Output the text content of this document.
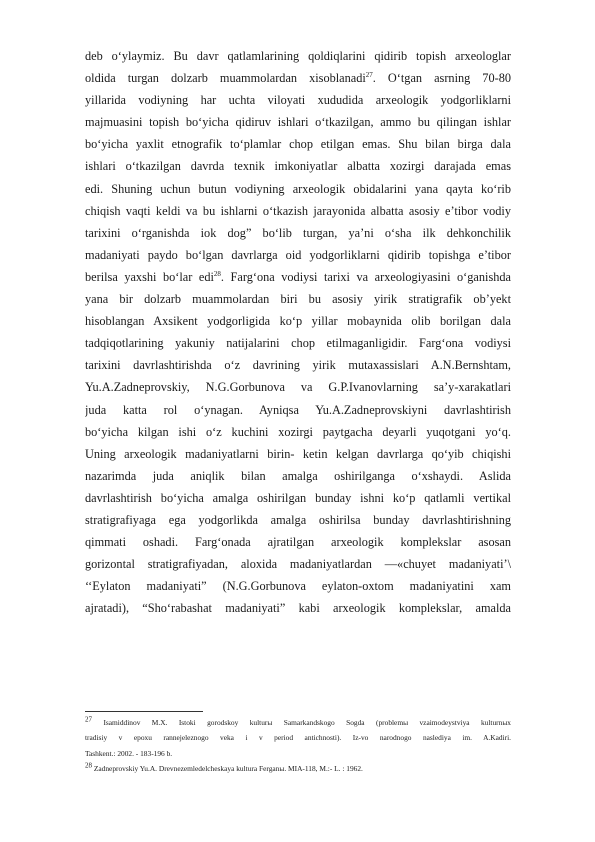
deb o‘ylaymiz. Bu davr qatlamlarining qoldiqlarini qidirib topish arxeologlar
oldida turgan dolzarb muammolardan xisoblanadi$^{27}$. O‘tgan asrning 70-80
yillarida vodiyning har uchta viloyati xududida arxeologik yodgorliklarni
majmuasini topish bo‘yicha qidiruv ishlari o‘tkazilgan, ammo bu qilingan ishlar
bo‘yicha yaxlit etnografik to‘plamlar chop etilgan emas. Shu bilan birga dala
ishlari o‘tkazilgan davrda texnik imkoniyatlar albatta xozirgi darajada emas
edi. Shuning uchun butun vodiyning arxeologik obidalarini yana qayta ko‘rib
chiqish vaqti keldi va bu ishlarni o‘tkazish jarayonida albatta asosiy e’tibor vodiy
tarixini o‘rganishda iok dog” bo‘lib turgan, ya’ni o‘sha ilk dehkonchilik
madaniyati paydo bo‘lgan davrlarga oid yodgorliklarni qidirib topishga e’tibor
berilsa yaxshi bo‘lar edi$^{28}$. Farg‘ona vodiysi tarixi va arxeologiyasini o‘ganishda
yana bir dolzarb muammolardan biri bu asosiy yirik stratigrafik ob’yekt
hisoblangan Axsikent yodgorligida ko‘p yillar mobaynida olib borilgan dala
tadqiqotlarining yakuniy natijalarini chop etilmaganligidir. Farg‘ona vodiysi
tarixini davrlashtirishda o‘z davrining yirik mutaxassislari A.N.Bernshtam,
Yu.A.Zadneprovskiy, N.G.Gorbunova va G.P.Ivanovlarning sa’y-xarakatlari
juda katta rol o‘ynagan. Ayniqsa Yu.A.Zadneprovskiyni davrlashtirish
bo‘yicha kilgan ishi o‘z kuchini xozirgi paytgacha deyarli yuqotgani yo‘q.
Uning arxeologik madaniyatlarni birin- ketin kelgan davrlarga qo‘yib chiqishi
nazarimda juda aniqlik bilan amalga oshirilganga o‘xshaydi. Aslida
davrlashtirish bo‘yicha amalga oshirilgan bunday ishni ko‘p qatlamli vertikal
stratigrafiyaga ega yodgorlikda amalga oshirilsa bunday davrlashtirishning
qimmati oshadi. Farg‘onada ajratilgan arxeologik komplekslar asosan
gorizontal stratigrafiyadan, aloxida madaniyatlardan —«chuyet madaniyati’\
‘‘Eylaton madaniyati” (N.G.Gorbunova eylaton-oxtom madaniyatini xam
ajratadi), “Sho‘rabashat madaniyati” kabi arxeologik komplekslar, amalda
$^{27}$ Isamiddinov M.X. Istoki gorodskoy kulturы Samarkandskogo Sogda (problemы vzaimodeystviya kulturnых
tradisiy v epoxu rannejeleznogo veka i v period antichnosti). Iz-vo narodnogo naslediya im. A.Kadiri.
Tashkent.: 2002. - 183-196 b.
$^{28}$ Zadneprovskiy Yu.A. Drevnezemledelcheskaya kultura Ferganы. MIA-118, M.:- L. : 1962.
